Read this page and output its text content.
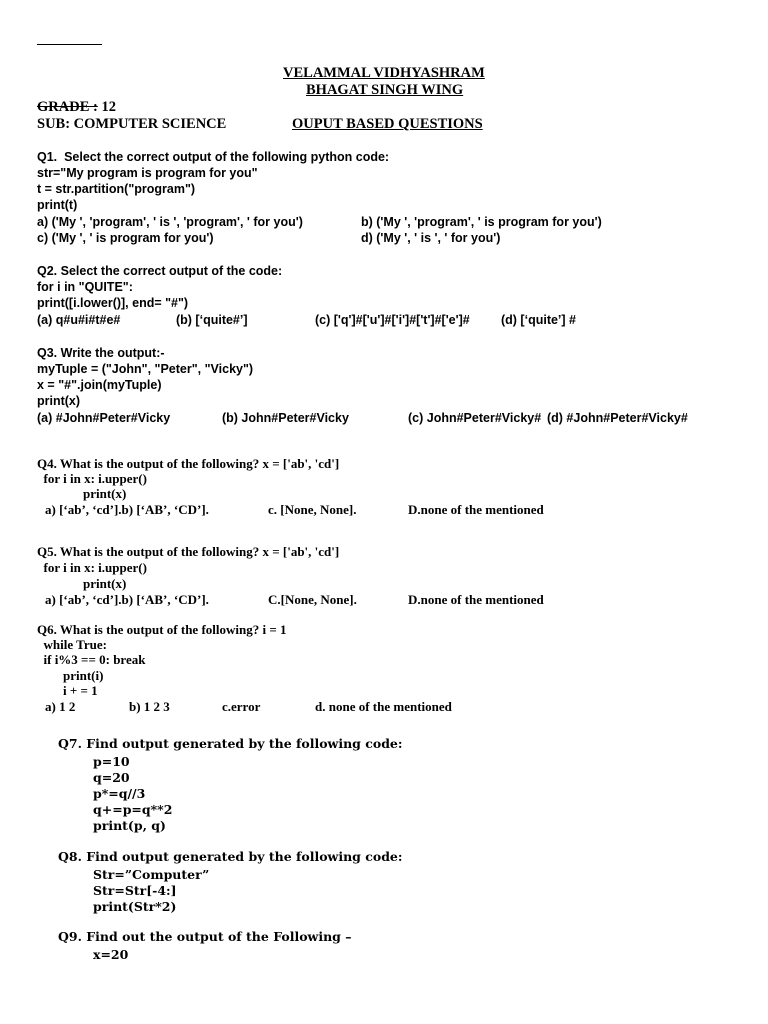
VELAMMAL VIDHYASHRAM
BHAGAT SINGH WING
GRADE : 12
SUB: COMPUTER SCIENCE	OUPUT BASED QUESTIONS
Q1.  Select the correct output of the following python code:
str="My program is program for you"
t = str.partition("program")
print(t)
a) ('My ', 'program', ' is ', 'program', ' for you')	b) ('My ', 'program', ' is program for you')
c) ('My ', ' is program for you')	d) ('My ', ' is ', ' for you')
Q2. Select the correct output of the code:
for i in "QUITE":
print([i.lower()], end= "#")
(a) q#u#i#t#e#	(b) [‘quite#’]	(c) ['q']#['u']#['i']#['t']#['e']#	(d) [‘quite’] #
Q3. Write the output:-
myTuple = ("John", "Peter", "Vicky")
x = "#".join(myTuple)
print(x)
(a) #John#Peter#Vicky	(b) John#Peter#Vicky	(c) John#Peter#Vicky# (d) #John#Peter#Vicky#
Q4. What is the output of the following? x = ['ab', 'cd']
for i in x: i.upper()
print(x)
a) [‘ab’, ‘cd’].b) [‘AB’, ‘CD’].	c. [None, None].	D.none of the mentioned
Q5. What is the output of the following? x = ['ab', 'cd']
for i in x: i.upper()
print(x)
a) [‘ab’, ‘cd’].b) [‘AB’, ‘CD’].	C.[None, None].	D.none of the mentioned
Q6. What is the output of the following? i = 1
while True:
if i%3 == 0: break
print(i)
i + = 1
a) 1 2	b) 1 2 3	c.error	d. none of the mentioned
Q7. Find output generated by the following code:
p=10
q=20
p*=q//3
q+=p=q**2
print(p, q)
Q8. Find output generated by the following code:
Str=”Computer”
Str=Str[-4:]
print(Str*2)
Q9. Find out the output of the Following –
x=20
